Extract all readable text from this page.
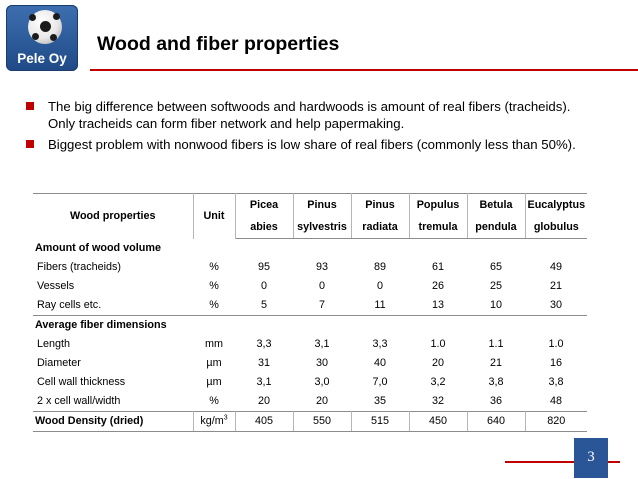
Pele Oy
Wood and fiber properties
The big difference between softwoods and hardwoods is amount of real fibers (tracheids).
Only tracheids can form fiber network and help papermaking.
Biggest problem with nonwood fibers is low share of real fibers (commonly less than 50%).
Wood properties	Unit	Picea	Pinus	Pinus	Populus	Betula	Eucalyptus
		abies	sylvestris	radiata	tremula	pendula	globulus
Amount of wood volume							
Fibers (tracheids)	%	95	93	89	61	65	49
Vessels	%	0	0	0	26	25	21
Ray cells etc.	%	5	7	11	13	10	30
Average fiber dimensions							
Length	mm	3,3	3,1	3,3	1.0	1.1	1.0
Diameter	µm	31	30	40	20	21	16
Cell wall thickness	µm	3,1	3,0	7,0	3,2	3,8	3,8
2 x cell wall/width	%	20	20	35	32	36	48
Wood Density (dried)	$kg/m^3$	405	550	515	450	640	820
3
